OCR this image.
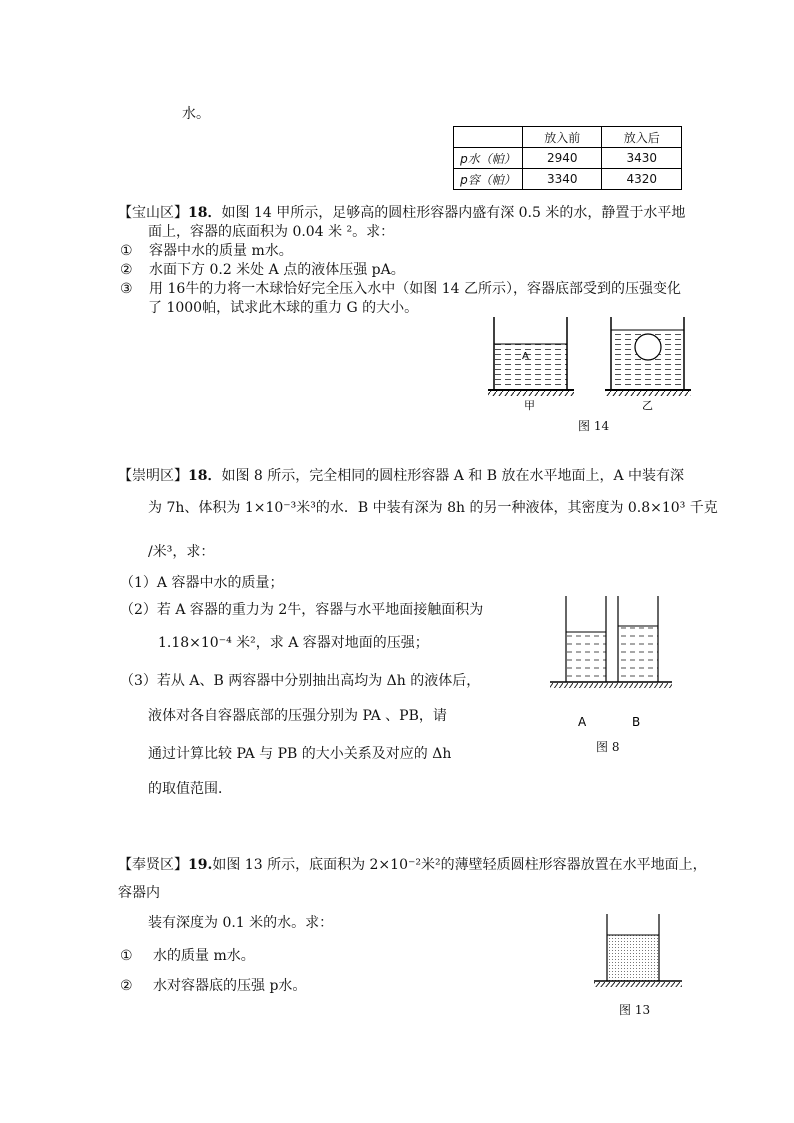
水。
	放入前	放入后
p水（帕）	2940	3430
p容（帕）	3340	4320
【宝山区】18．如图 14 甲所示，足够高的圆柱形容器内盛有深 0.5 米的水，静置于水平地
面上，容器的底面积为 0.04 米 ²。求：
① 容器中水的质量 m水。
② 水面下方 0.2 米处 A 点的液体压强 pA。
③ 用 16牛的力将一木球恰好完全压入水中（如图 14 乙所示），容器底部受到的压强变化
了 1000帕，试求此木球的重力 G 的大小。
A
甲	乙
图 14
【崇明区】18．如图 8 所示，完全相同的圆柱形容器 A 和 B 放在水平地面上，A 中装有深
为 7h、体积为 1×10⁻³米³的水．B 中装有深为 8h 的另一种液体，其密度为 0.8×10³ 千克
/米³，求：
（1）A 容器中水的质量；
（2）若 A 容器的重力为 2牛，容器与水平地面接触面积为
1.18×10⁻⁴ 米²，求 A 容器对地面的压强；
（3）若从 A、B 两容器中分别抽出高均为 Δh 的液体后，
液体对各自容器底部的压强分别为 PA 、PB，请
通过计算比较 PA 与 PB 的大小关系及对应的 Δh
的取值范围．
A	B
图 8
【奉贤区】19.如图 13 所示，底面积为 2×10⁻²米²的薄壁轻质圆柱形容器放置在水平地面上，
容器内
装有深度为 0.1 米的水。求：
① 水的质量 m水。
② 水对容器底的压强 p水。
图 13
